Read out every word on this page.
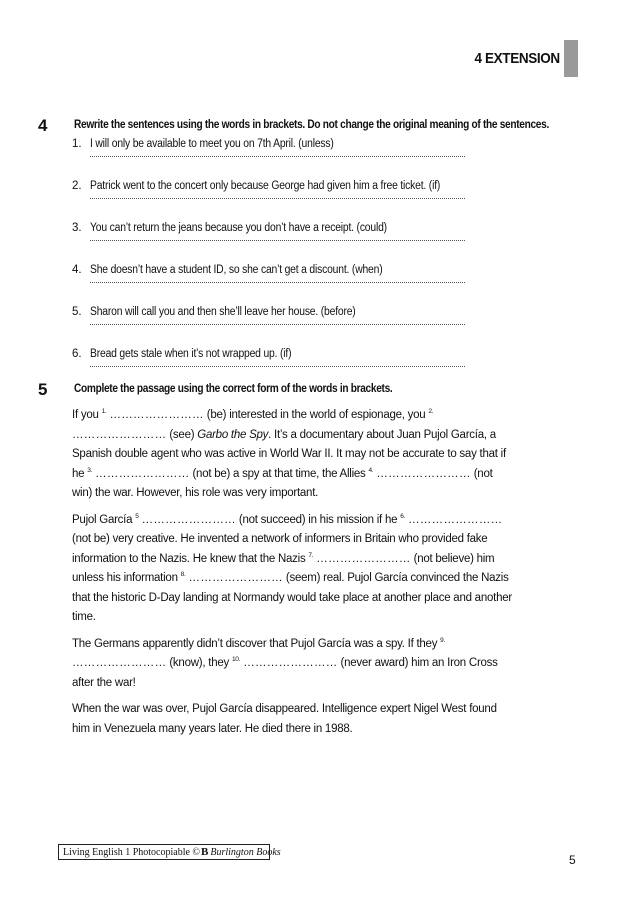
4 EXTENSION
4 Rewrite the sentences using the words in brackets. Do not change the original meaning of the sentences.
1. I will only be available to meet you on 7th April. (unless)
2. Patrick went to the concert only because George had given him a free ticket. (if)
3. You can’t return the jeans because you don’t have a receipt. (could)
4. She doesn’t have a student ID, so she can’t get a discount. (when)
5. Sharon will call you and then she’ll leave her house. (before)
6. Bread gets stale when it’s not wrapped up. (if)
5 Complete the passage using the correct form of the words in brackets.

If you $^{1.}$ …………………… (be) interested in the world of espionage, you $^{2.}$ …………………… (see) Garbo the Spy. It’s a documentary about Juan Pujol García, a Spanish double agent who was active in World War II. It may not be accurate to say that if he $^{3.}$ …………………… (not be) a spy at that time, the Allies $^{4.}$ …………………… (not win) the war. However, his role was very important.

Pujol García $^5$ …………………… (not succeed) in his mission if he $^{6.}$ …………………… (not be) very creative. He invented a network of informers in Britain who provided fake information to the Nazis. He knew that the Nazis $^{7.}$ …………………… (not believe) him unless his information $^{8.}$ …………………… (seem) real. Pujol García convinced the Nazis that the historic D-Day landing at Normandy would take place at another place and another time.

The Germans apparently didn’t discover that Pujol García was a spy. If they $^{9.}$ …………………… (know), they $^{10.}$ …………………… (never award) him an Iron Cross after the war!

When the war was over, Pujol García disappeared. Intelligence expert Nigel West found him in Venezuela many years later. He died there in 1988.

Living English 1 Photocopiable ©B Burlington Books
5
